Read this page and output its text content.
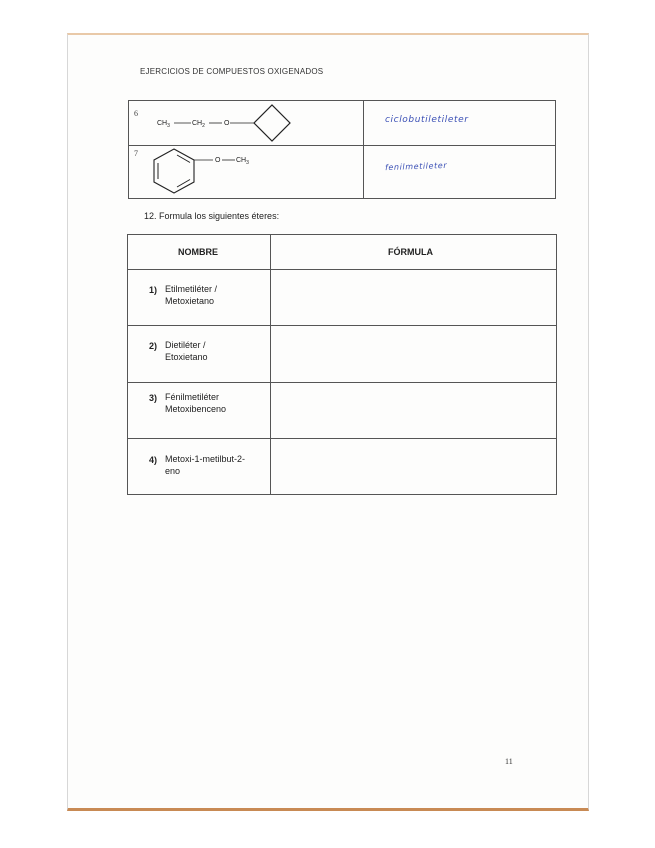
EJERCICIOS DE COMPUESTOS OXIGENADOS
6
$CH_3$	$CH_2$	O	ciclobutiletileter
7
O $CH_3$	fenilmetileter
12. Formula los siguientes éteres:
NOMBRE	FÓRMULA
1) Etilmetiléter /
Metoxietano
2) Dietiléter /
Etoxietano
3) Fénilmetiléter
Metoxibenceno
4) Metoxi-1-metilbut-2-
eno
11
